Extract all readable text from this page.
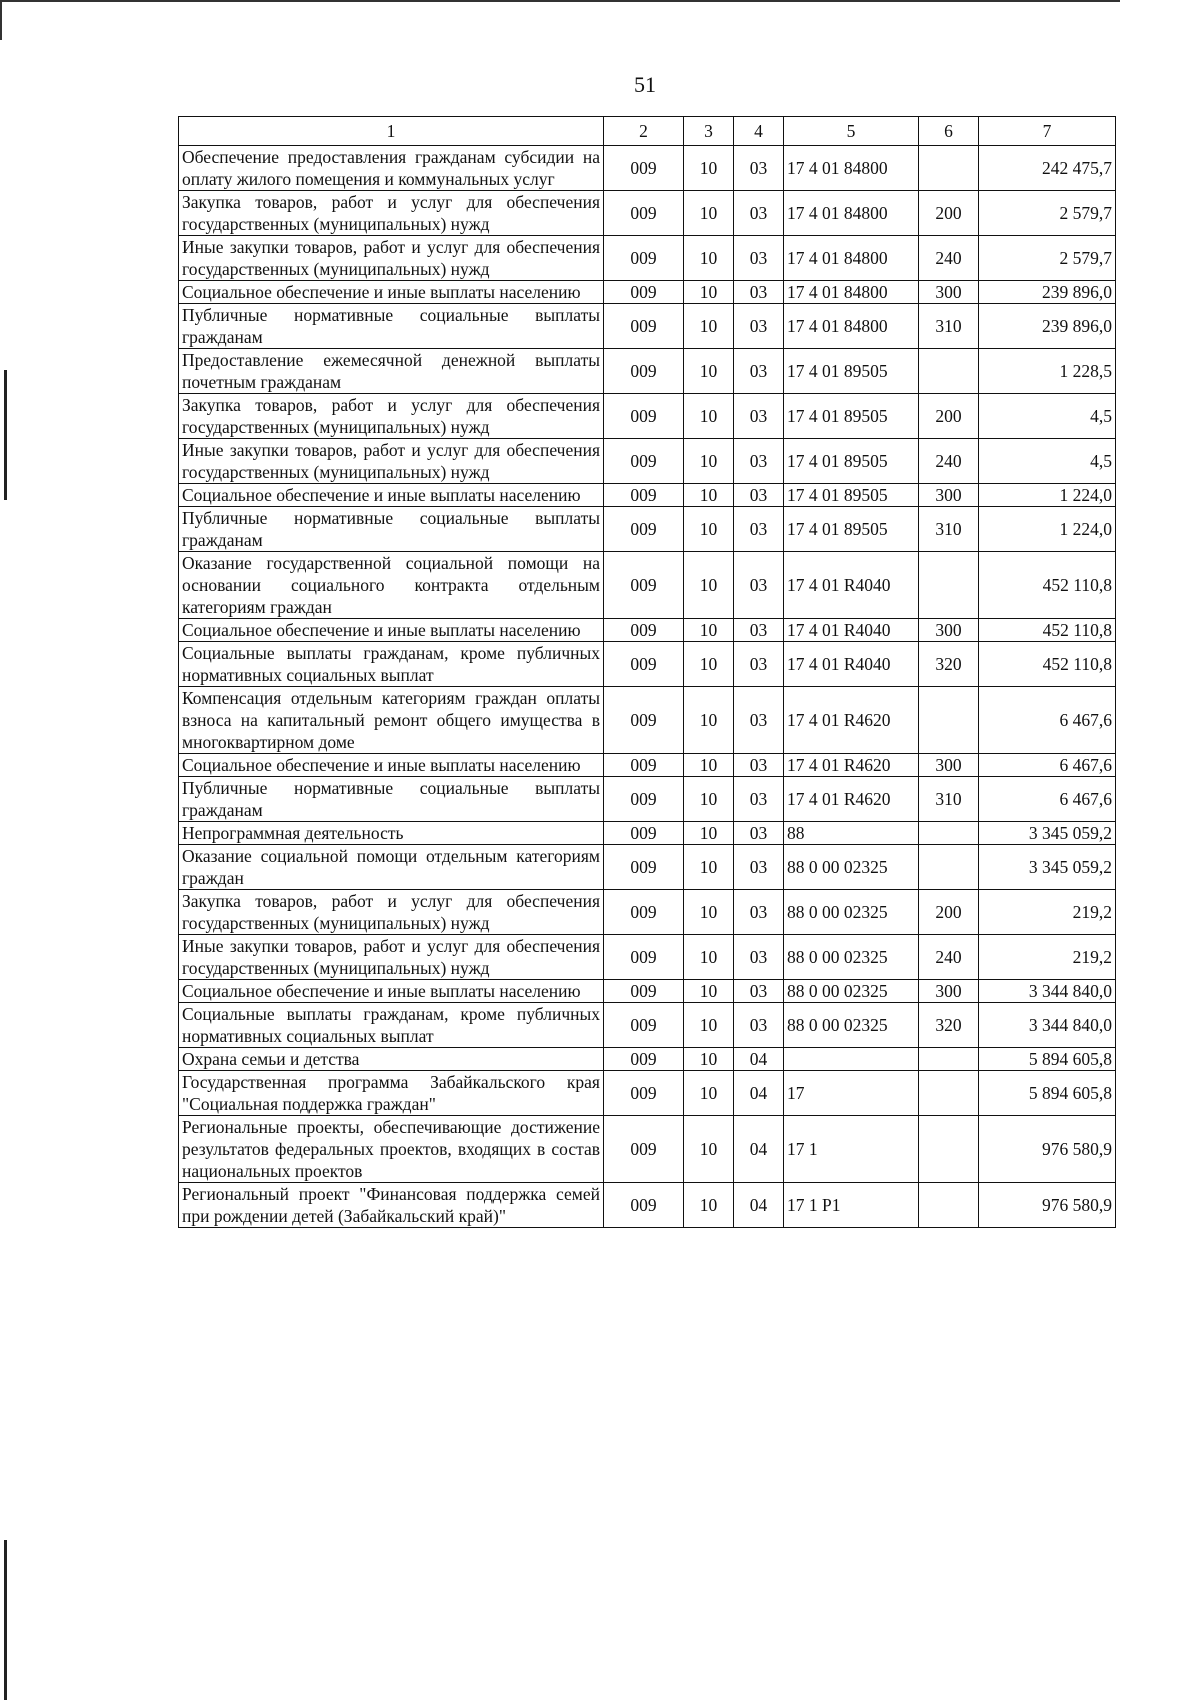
51
1	2	3	4	5	6	7
Обеспечение предоставления гражданам субсидии на оплату жилого помещения и коммунальных услуг	009	10	03	17 4 01 84800		242 475,7
Закупка товаров, работ и услуг для обеспечения государственных (муниципальных) нужд	009	10	03	17 4 01 84800	200	2 579,7
Иные закупки товаров, работ и услуг для обеспечения государственных (муниципальных) нужд	009	10	03	17 4 01 84800	240	2 579,7
Социальное обеспечение и иные выплаты населению	009	10	03	17 4 01 84800	300	239 896,0
Публичные нормативные социальные выплаты гражданам	009	10	03	17 4 01 84800	310	239 896,0
Предоставление ежемесячной денежной выплаты почетным гражданам	009	10	03	17 4 01 89505		1 228,5
Закупка товаров, работ и услуг для обеспечения государственных (муниципальных) нужд	009	10	03	17 4 01 89505	200	4,5
Иные закупки товаров, работ и услуг для обеспечения государственных (муниципальных) нужд	009	10	03	17 4 01 89505	240	4,5
Социальное обеспечение и иные выплаты населению	009	10	03	17 4 01 89505	300	1 224,0
Публичные нормативные социальные выплаты гражданам	009	10	03	17 4 01 89505	310	1 224,0
Оказание государственной социальной помощи на основании социального контракта отдельным категориям граждан	009	10	03	17 4 01 R4040		452 110,8
Социальное обеспечение и иные выплаты населению	009	10	03	17 4 01 R4040	300	452 110,8
Социальные выплаты гражданам, кроме публичных нормативных социальных выплат	009	10	03	17 4 01 R4040	320	452 110,8
Компенсация отдельным категориям граждан оплаты взноса на капитальный ремонт общего имущества в многоквартирном доме	009	10	03	17 4 01 R4620		6 467,6
Социальное обеспечение и иные выплаты населению	009	10	03	17 4 01 R4620	300	6 467,6
Публичные нормативные социальные выплаты гражданам	009	10	03	17 4 01 R4620	310	6 467,6
Непрограммная деятельность	009	10	03	88		3 345 059,2
Оказание социальной помощи отдельным категориям граждан	009	10	03	88 0 00 02325		3 345 059,2
Закупка товаров, работ и услуг для обеспечения государственных (муниципальных) нужд	009	10	03	88 0 00 02325	200	219,2
Иные закупки товаров, работ и услуг для обеспечения государственных (муниципальных) нужд	009	10	03	88 0 00 02325	240	219,2
Социальное обеспечение и иные выплаты населению	009	10	03	88 0 00 02325	300	3 344 840,0
Социальные выплаты гражданам, кроме публичных нормативных социальных выплат	009	10	03	88 0 00 02325	320	3 344 840,0
Охрана семьи и детства	009	10	04			5 894 605,8
Государственная программа Забайкальского края "Социальная поддержка граждан"	009	10	04	17		5 894 605,8
Региональные проекты, обеспечивающие достижение результатов федеральных проектов, входящих в состав национальных проектов	009	10	04	17 1		976 580,9
Региональный проект "Финансовая поддержка семей при рождении детей (Забайкальский край)"	009	10	04	17 1 P1		976 580,9
